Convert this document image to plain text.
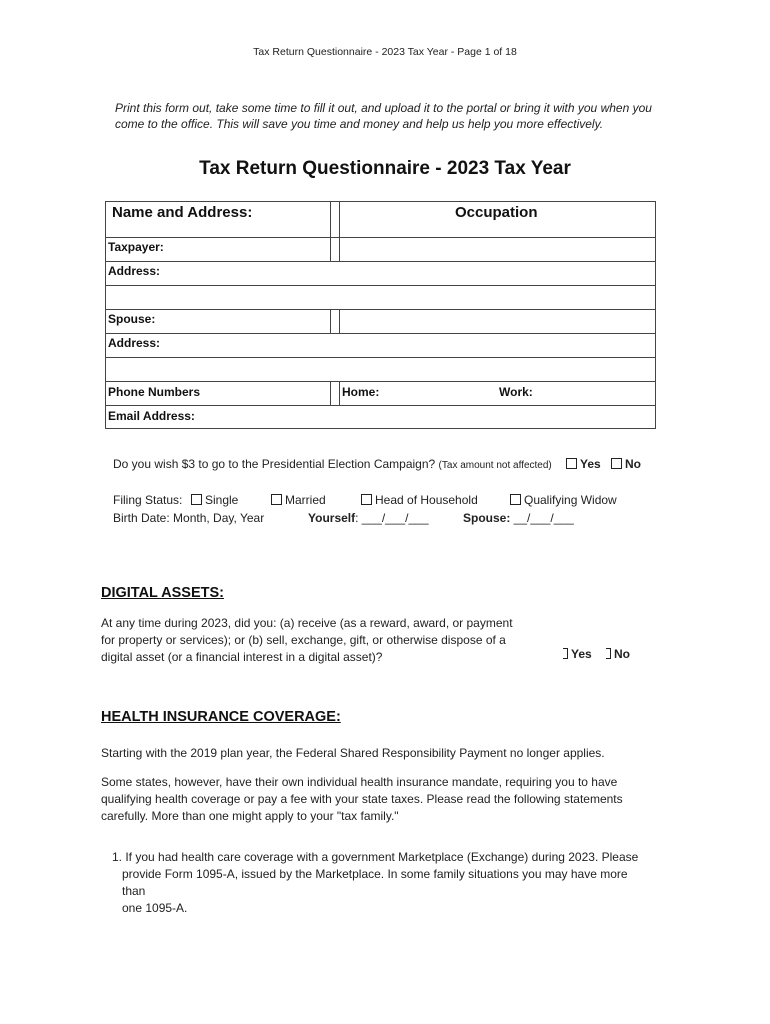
Tax Return Questionnaire - 2023 Tax Year - Page 1 of 18
Print this form out, take some time to fill it out, and upload it to the portal or bring it with you when you come to the office. This will save you time and money and help us help you more effectively.
Tax Return Questionnaire - 2023 Tax Year
Name and Address:	Occupation
Taxpayer:
Address:
Spouse:
Address:
Phone Numbers	Home:	Work:
Email Address:
Do you wish $3 to go to the Presidential Election Campaign? (Tax amount not affected)	Yes	No
Filing Status:	Single	Married	Head of Household	Qualifying Widow
Birth Date: Month, Day, Year	Yourself: ___/___/___	Spouse: __/___/___
DIGITAL ASSETS:
At any time during 2023, did you: (a) receive (as a reward, award, or payment
for property or services); or (b) sell, exchange, gift, or otherwise dispose of a
digital asset (or a financial interest in a digital asset)?	Yes	No
HEALTH INSURANCE COVERAGE:
Starting with the 2019 plan year, the Federal Shared Responsibility Payment no longer applies.
Some states, however, have their own individual health insurance mandate, requiring you to have
qualifying health coverage or pay a fee with your state taxes. Please read the following statements
carefully. More than one might apply to your "tax family."
1. If you had health care coverage with a government Marketplace (Exchange) during 2023. Please
provide Form 1095-A, issued by the Marketplace. In some family situations you may have more than
one 1095-A.
